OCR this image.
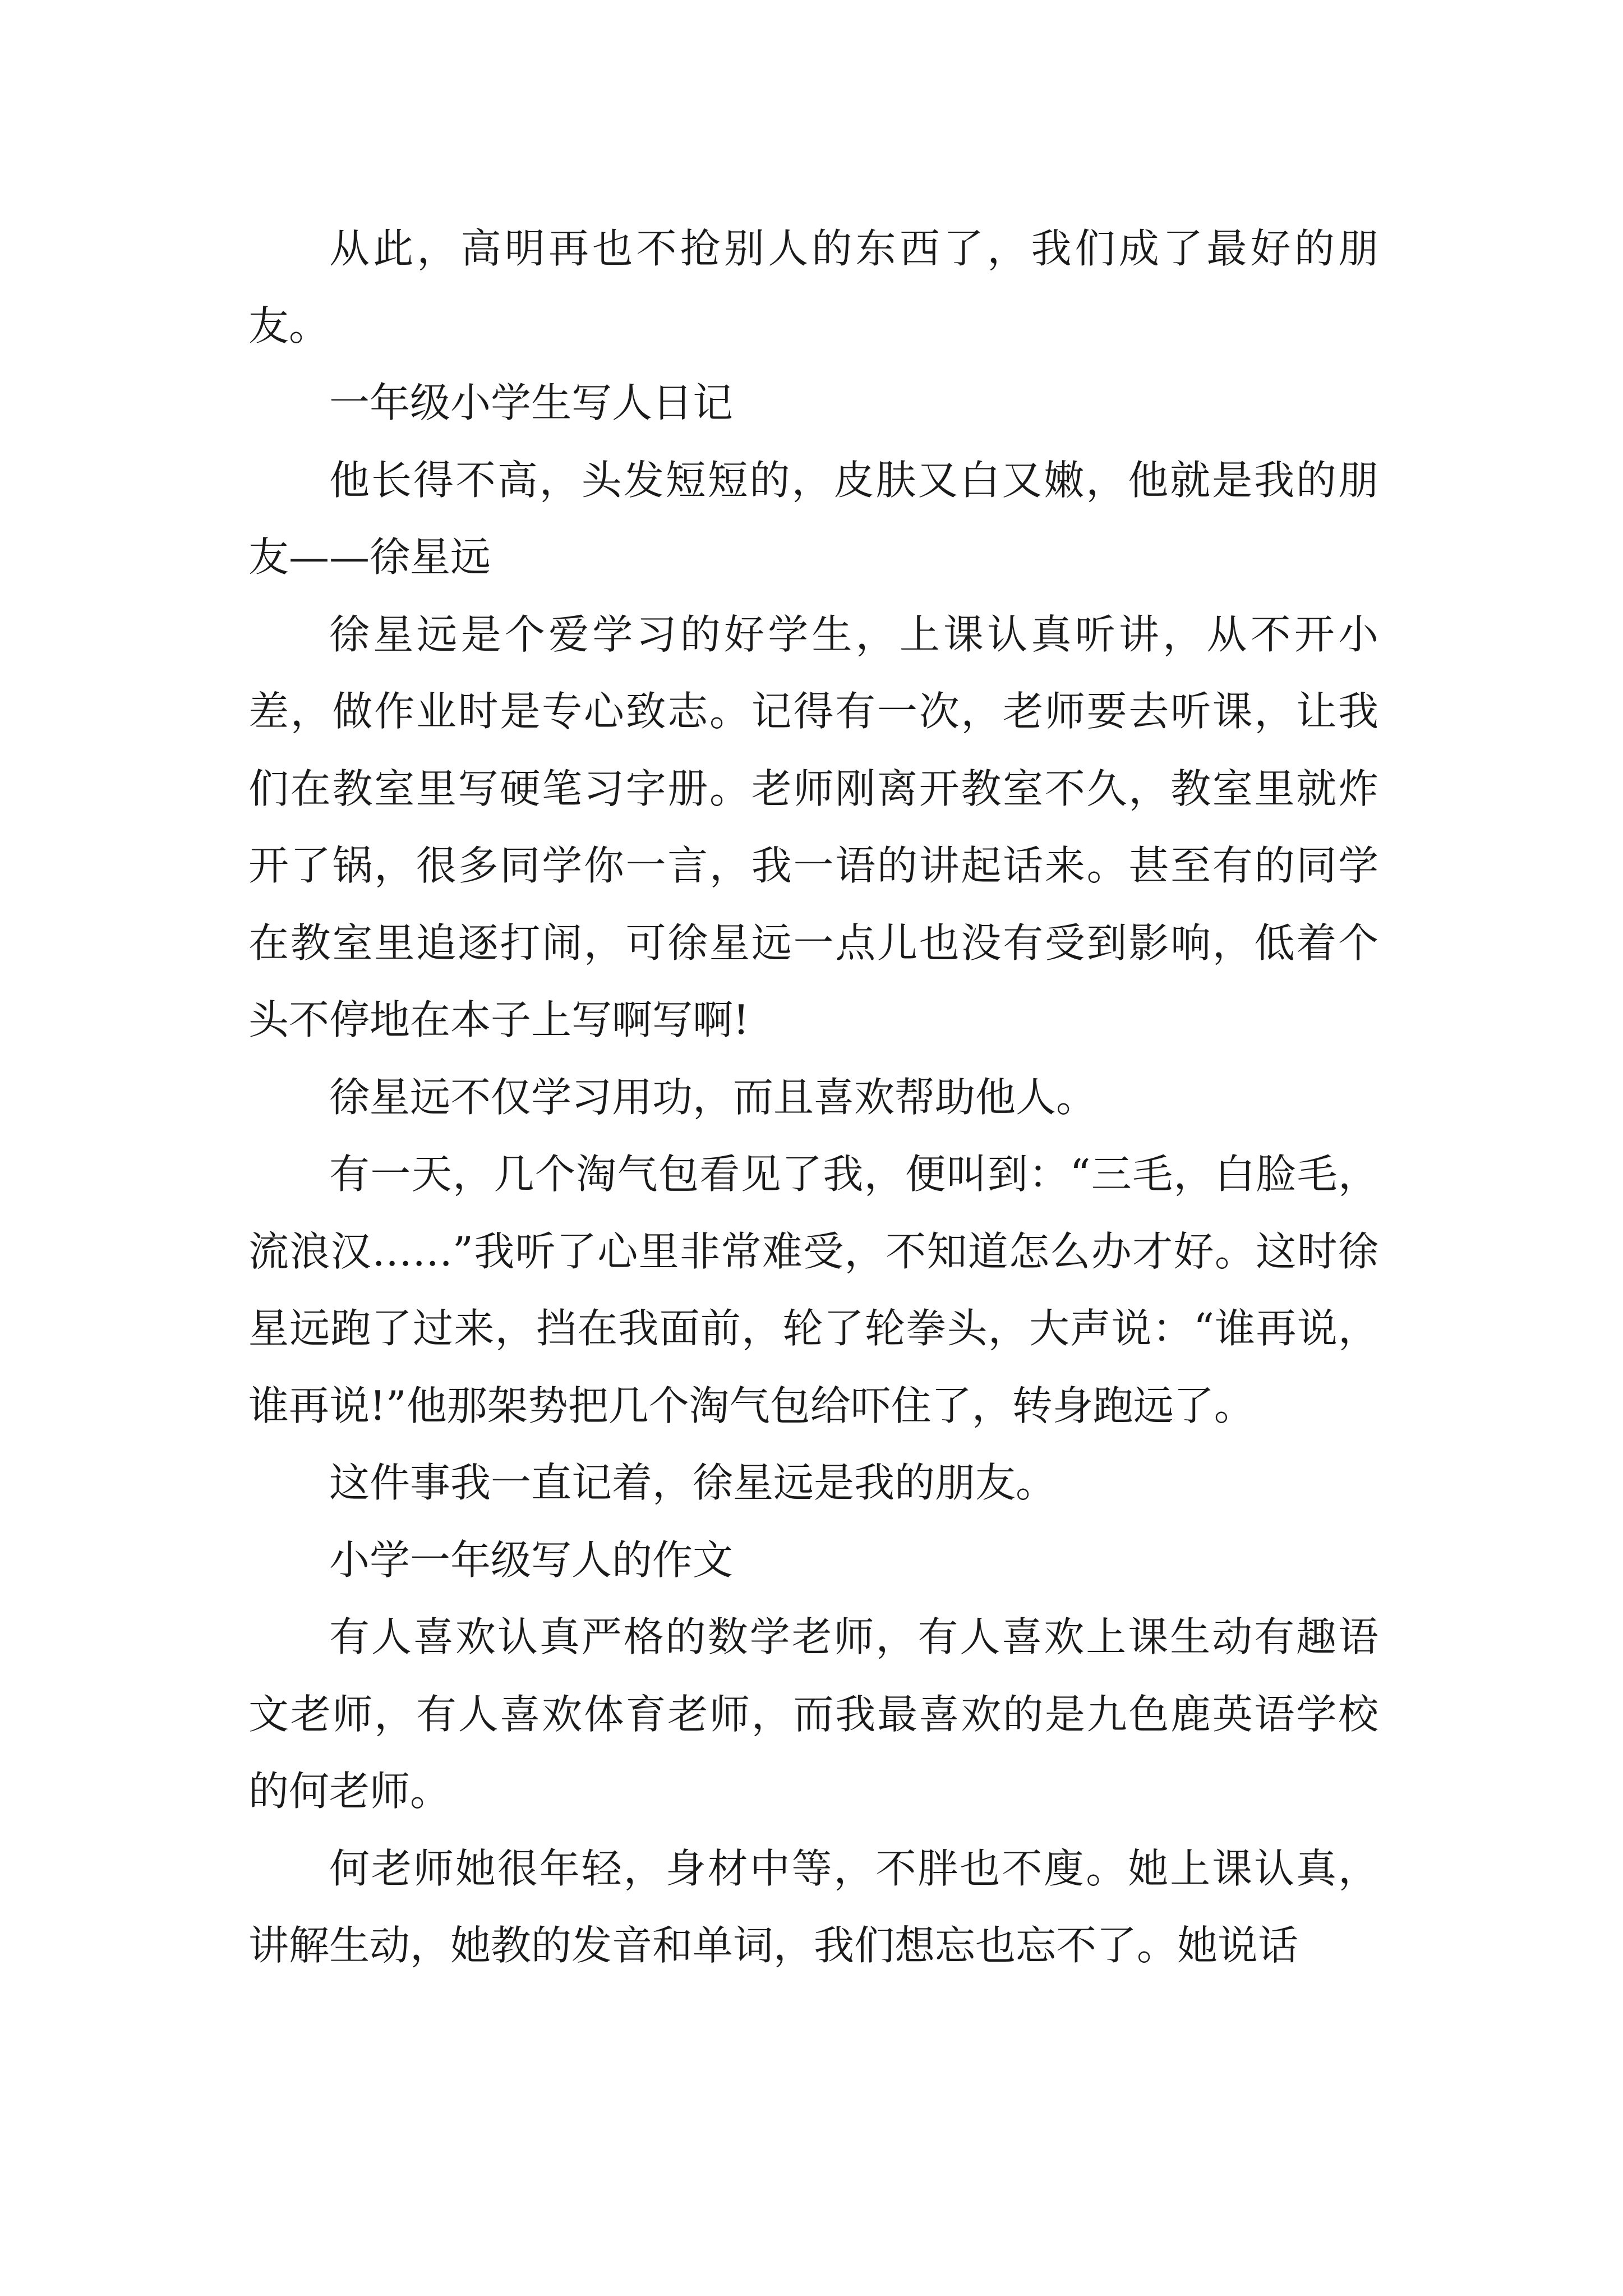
从此，高明再也不抢别人的东西了，我们成了最好的朋友。

一年级小学生写人日记

他长得不高，头发短短的，皮肤又白又嫩，他就是我的朋友——徐星远

徐星远是个爱学习的好学生，上课认真听讲，从不开小差，做作业时是专心致志。记得有一次，老师要去听课，让我们在教室里写硬笔习字册。老师刚离开教室不久，教室里就炸开了锅，很多同学你一言，我一语的讲起话来。甚至有的同学在教室里追逐打闹，可徐星远一点儿也没有受到影响，低着个头不停地在本子上写啊写啊!

徐星远不仅学习用功，而且喜欢帮助他人。

有一天，几个淘气包看见了我，便叫到：“三毛，白脸毛，流浪汉……”我听了心里非常难受，不知道怎么办才好。这时徐星远跑了过来，挡在我面前，轮了轮拳头，大声说：“谁再说，谁再说!”他那架势把几个淘气包给吓住了，转身跑远了。

这件事我一直记着，徐星远是我的朋友。

小学一年级写人的作文

有人喜欢认真严格的数学老师，有人喜欢上课生动有趣语文老师，有人喜欢体育老师，而我最喜欢的是九色鹿英语学校的何老师。

何老师她很年轻，身材中等，不胖也不廋。她上课认真，讲解生动，她教的发音和单词，我们想忘也忘不了。她说话
